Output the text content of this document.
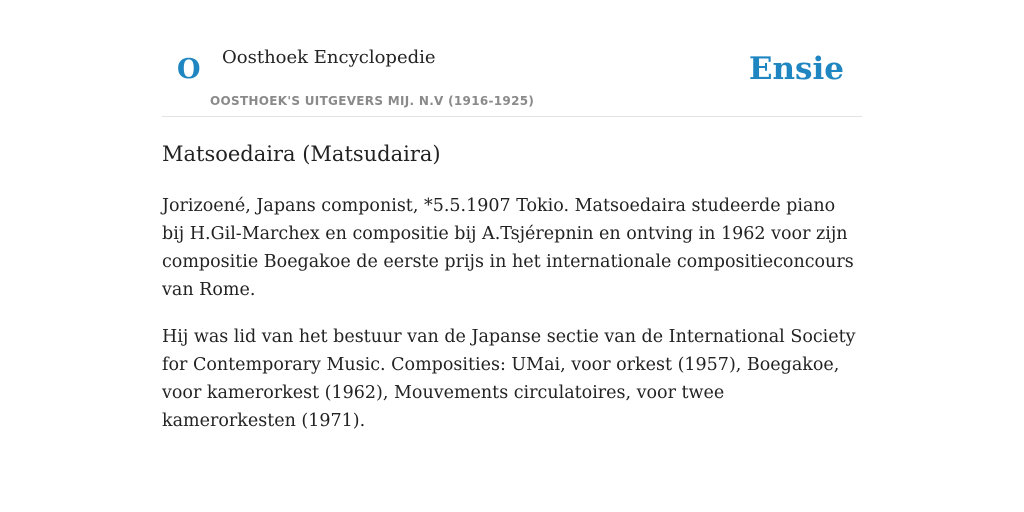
O Oosthoek Encyclopedie
OOSTHOEK'S UITGEVERS MIJ. N.V (1916-1925)
Ensie
Matsoedaira (Matsudaira)

Jorizoené, Japans componist, *5.5.1907 Tokio. Matsoedaira studeerde piano bij H.Gil-Marchex en compositie bij A.Tsjérepnin en ontving in 1962 voor zijn compositie Boegakoe de eerste prijs in het internationale compositieconcours van Rome.

Hij was lid van het bestuur van de Japanse sectie van de International Society for Contemporary Music. Composities: UMai, voor orkest (1957), Boegakoe, voor kamerorkest (1962), Mouvements circulatoires, voor twee kamerorkesten (1971).
